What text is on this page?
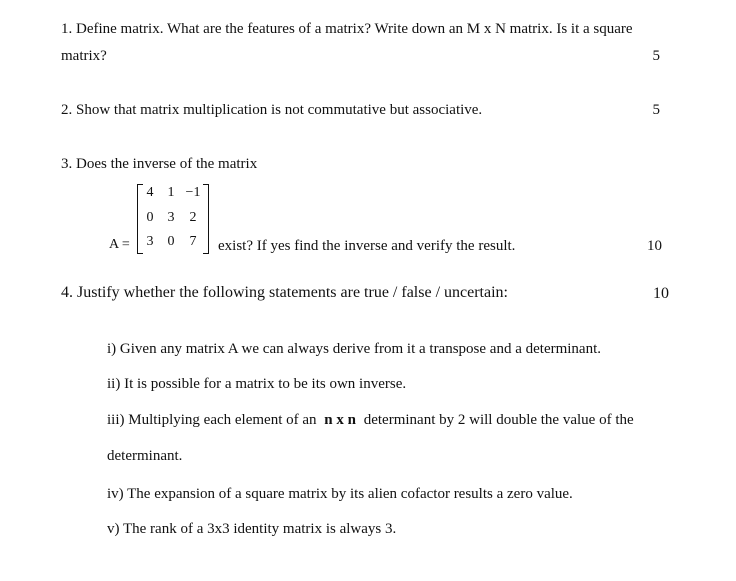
1. Define matrix. What are the features of a matrix? Write down an M x N matrix. Is it a square
matrix?	5
2. Show that matrix multiplication is not commutative but associative.	5
3. Does the inverse of the matrix
A =
4	1 −1
0	3	2
3	0	7	exist? If yes find the inverse and verify the result.	10
4. Justify whether the following statements are true / false / uncertain:	10
i) Given any matrix A we can always derive from it a transpose and a determinant.
ii) It is possible for a matrix to be its own inverse.
iii) Multiplying each element of an n x n determinant by 2 will double the value of the
determinant.
iv) The expansion of a square matrix by its alien cofactor results a zero value.
v) The rank of a 3x3 identity matrix is always 3.
